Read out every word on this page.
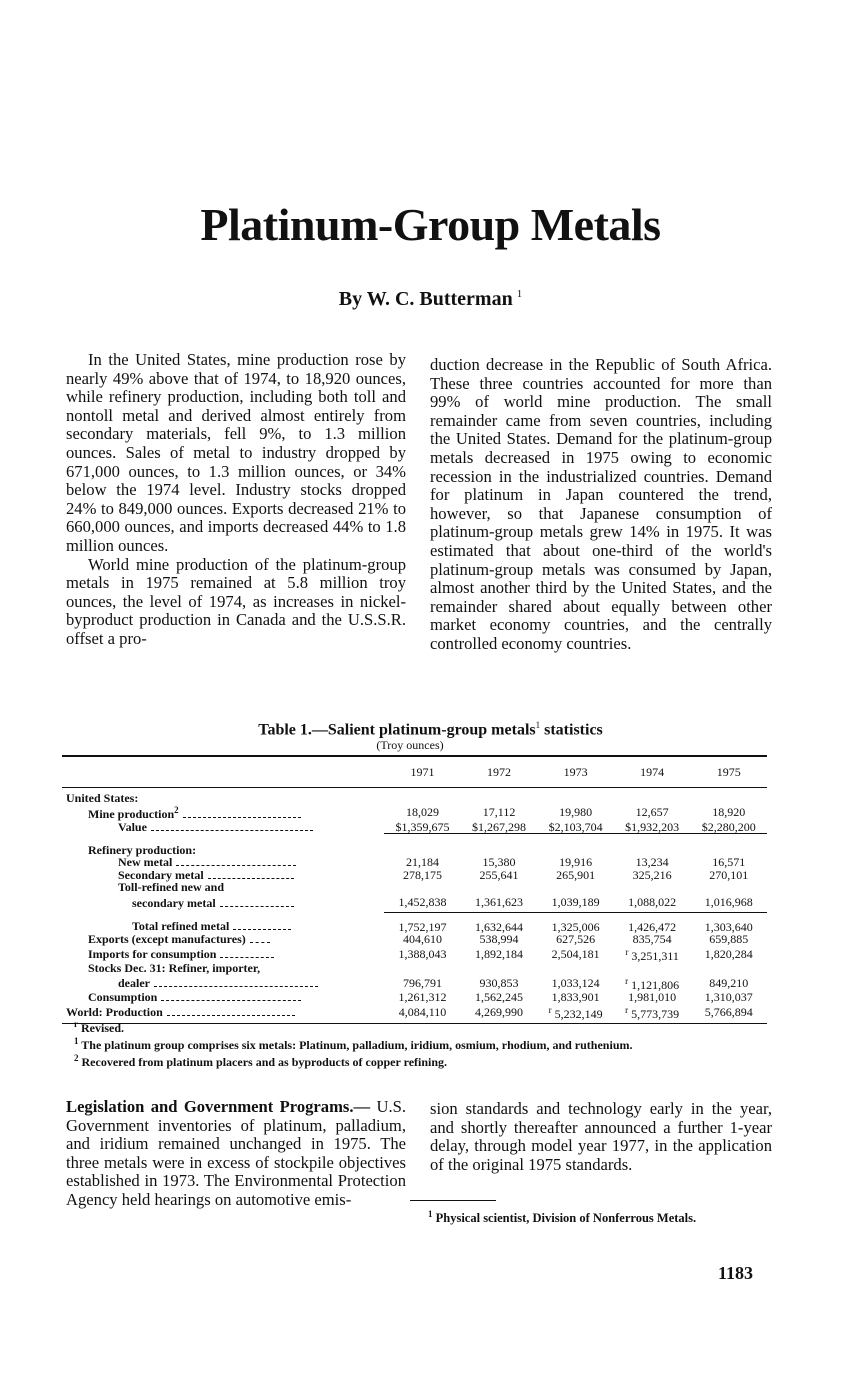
Platinum-Group Metals
By W. C. Butterman $^1$

In the United States, mine production rose by nearly 49% above that of 1974, to 18,920 ounces, while refinery production, including both toll and nontoll metal and derived almost entirely from secondary materials, fell 9%, to 1.3 million ounces. Sales of metal to industry dropped by 671,000 ounces, to 1.3 million ounces, or 34% below the 1974 level. Industry stocks dropped 24% to 849,000 ounces. Exports decreased 21% to 660,000 ounces, and imports decreased 44% to 1.8 million ounces.

World mine production of the platinum-group metals in 1975 remained at 5.8 million troy ounces, the level of 1974, as increases in nickel-byproduct production in Canada and the U.S.S.R. offset a pro-

duction decrease in the Republic of South Africa. These three countries accounted for more than 99% of world mine production. The small remainder came from seven countries, including the United States. Demand for the platinum-group metals decreased in 1975 owing to economic recession in the industrialized countries. Demand for platinum in Japan countered the trend, however, so that Japanese consumption of platinum-group metals grew 14% in 1975. It was estimated that about one-third of the world's platinum-group metals was consumed by Japan, almost another third by the United States, and the remainder shared about equally between other market economy countries, and the centrally controlled economy countries.

Table 1.—Salient platinum-group metals$^1$ statistics
(Troy ounces)
	1971	1972	1973	1974	1975
United States:					
Mine production$^2$	18,029	17,112	19,980	12,657	18,920
Value	$1,359,675	$1,267,298	$2,103,704	$1,932,203	$2,280,200
Refinery production:					
New metal	21,184	15,380	19,916	13,234	16,571
Secondary metal	278,175	255,641	265,901	325,216	270,101
Toll-refined new and					
secondary metal	1,452,838	1,361,623	1,039,189	1,088,022	1,016,968
Total refined metal	1,752,197	1,632,644	1,325,006	1,426,472	1,303,640
Exports (except manufactures)	404,610	538,994	627,526	835,754	659,885
Imports for consumption	1,388,043	1,892,184	2,504,181	$^r$ 3,251,311	1,820,284
Stocks Dec. 31: Refiner, importer,					
dealer	796,791	930,853	1,033,124	$^r$ 1,121,806	849,210
Consumption	1,261,312	1,562,245	1,833,901	1,981,010	1,310,037
World: Production	4,084,110	4,269,990	$^r$ 5,232,149	$^r$ 5,773,739	5,766,894

$^r$ Revised.

$^1$ The platinum group comprises six metals: Platinum, palladium, iridium, osmium, rhodium, and ruthenium.

$^2$ Recovered from platinum placers and as byproducts of copper refining.

Legislation and Government Programs.— U.S. Government inventories of platinum, palladium, and iridium remained unchanged in 1975. The three metals were in excess of stockpile objectives established in 1973. The Environmental Protection Agency held hearings on automotive emis-

sion standards and technology early in the year, and shortly thereafter announced a further 1-year delay, through model year 1977, in the application of the original 1975 standards.

$^1$ Physical scientist, Division of Nonferrous Metals.
1183
